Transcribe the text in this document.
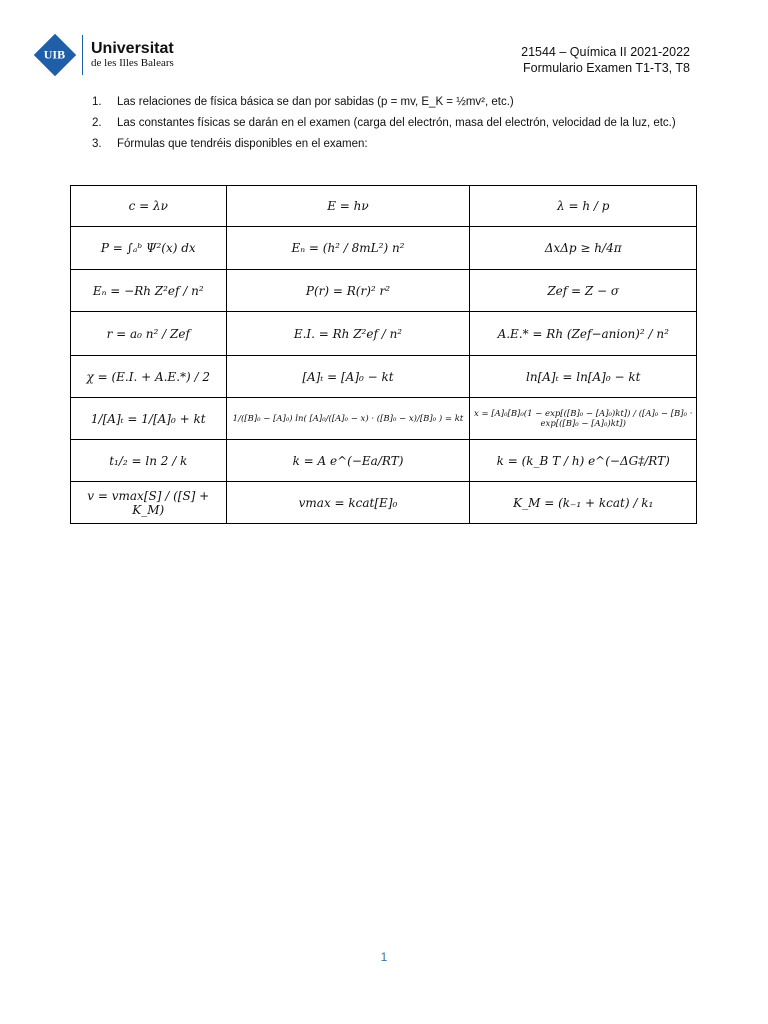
UIB Universitat
de les Illes Balears
21544 – Química II 2021-2022
Formulario Examen T1-T3, T8
1. Las relaciones de física básica se dan por sabidas (p = mv, E_K = ½mv², etc.)
2. Las constantes físicas se darán en el examen (carga del electrón, masa del electrón, velocidad de la luz, etc.)
3. Fórmulas que tendréis disponibles en el examen:
c = λν	E = hν	λ = h / p
P = ∫ₐᵇ Ψ²(x) dx	Eₙ = (h² / 8mL²) n²	ΔxΔp ≥ h/4π
Eₙ = −Rh Z²ef / n²	P(r) = R(r)² r²	Zef = Z − σ
r = a₀ n² / Zef	E.I. = Rh Z²ef / n²	A.E.* = Rh (Zef−anion)² / n²
χ = (E.I. + A.E.*) / 2	[A]ₜ = [A]₀ − kt	ln[A]ₜ = ln[A]₀ − kt
1/[A]ₜ = 1/[A]₀ + kt	1/([B]₀ − [A]₀) ln( [A]₀/([A]₀ − x) · ([B]₀ − x)/[B]₀ ) = kt	x = [A]₀[B]₀(1 − exp[([B]₀ − [A]₀)kt]) / ([A]₀ − [B]₀ · exp[([B]₀ − [A]₀)kt])
t₁/₂ = ln 2 / k	k = A e^(−Ea/RT)	k = (k_B T / h) e^(−ΔG‡/RT)
v = vmax[S] / ([S] + K_M)	vmax = kcat[E]₀	K_M = (k₋₁ + kcat) / k₁
1
